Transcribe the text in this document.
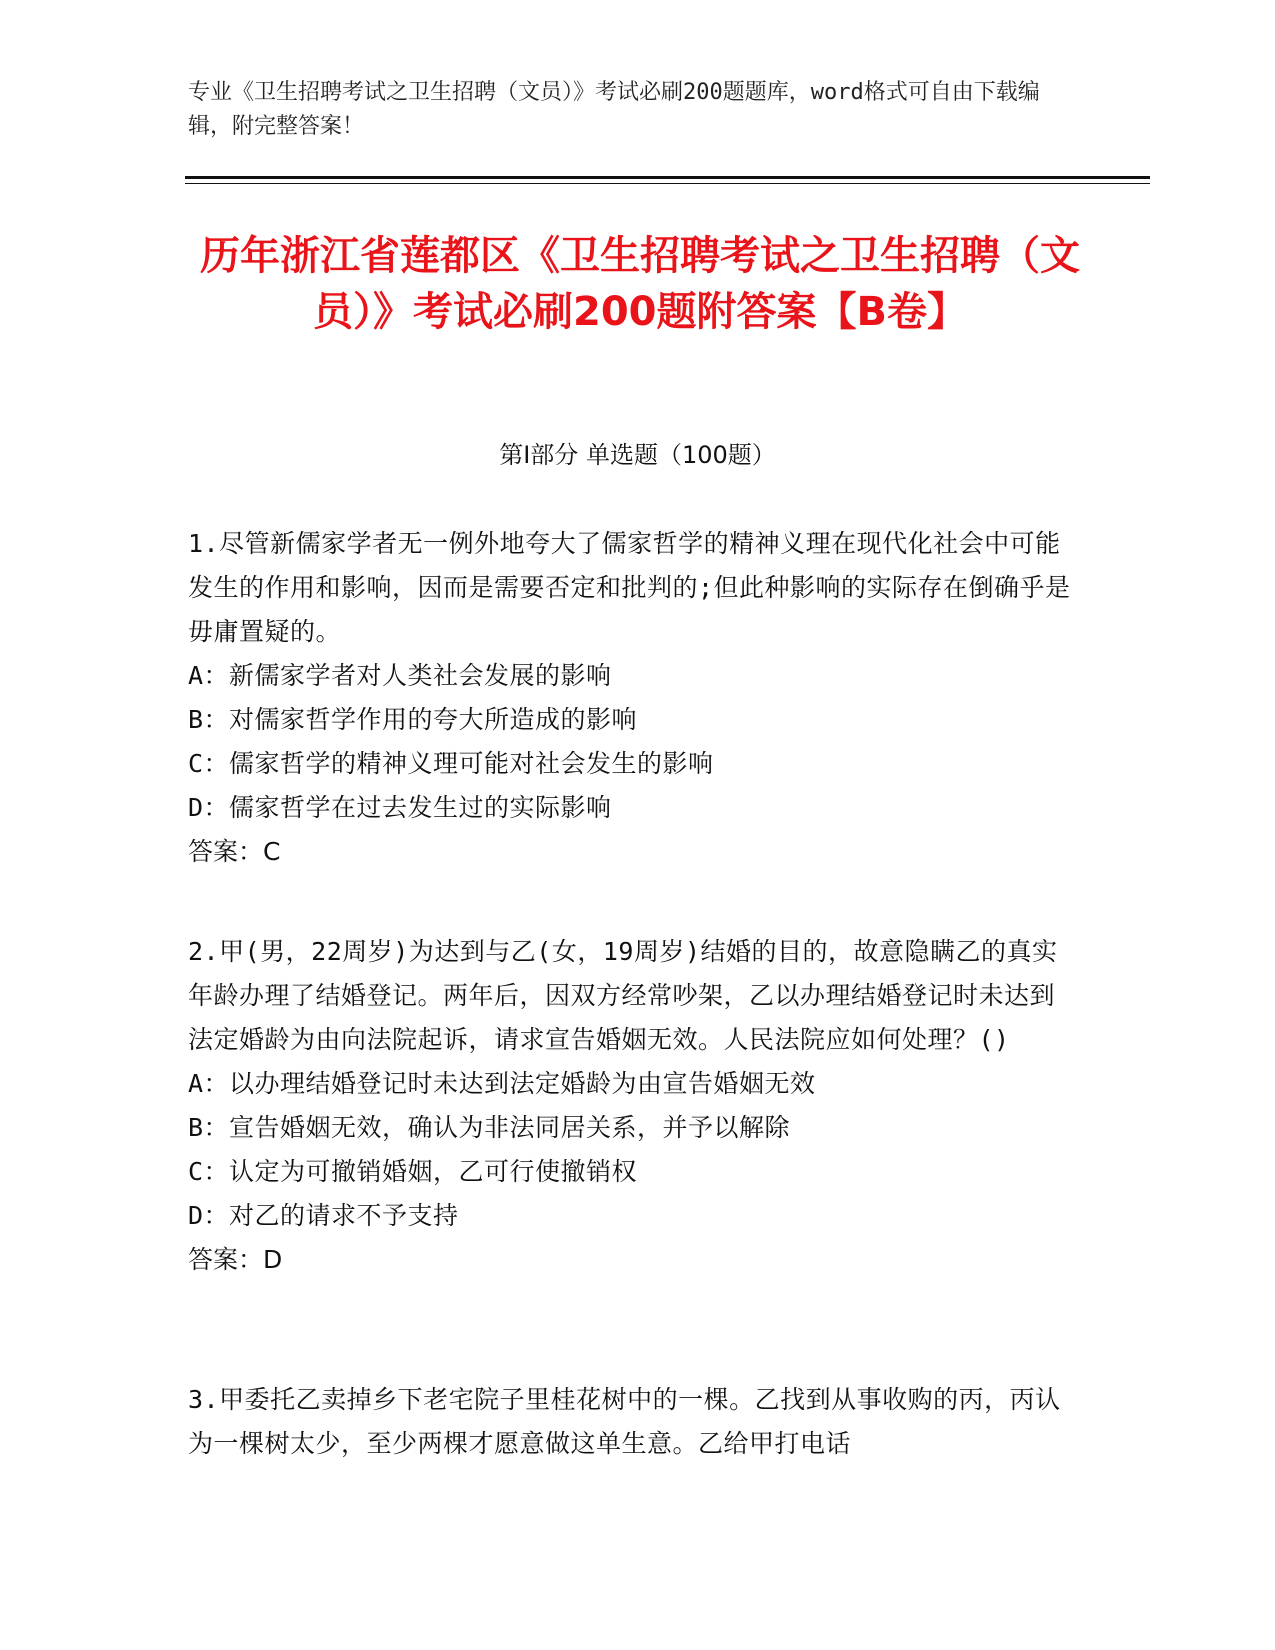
专业《卫生招聘考试之卫生招聘（文员）》考试必刷200题题库，word格式可自由下载编辑，附完整答案！
历年浙江省莲都区《卫生招聘考试之卫生招聘（文员）》考试必刷200题附答案【B卷】
第Ⅰ部分 单选题（100题）

1.尽管新儒家学者无一例外地夸大了儒家哲学的精神义理在现代化社会中可能发生的作用和影响，因而是需要否定和批判的;但此种影响的实际存在倒确乎是毋庸置疑的。

A：新儒家学者对人类社会发展的影响
B：对儒家哲学作用的夸大所造成的影响
C：儒家哲学的精神义理可能对社会发生的影响
D：儒家哲学在过去发生过的实际影响
答案：C

2.甲(男，22周岁)为达到与乙(女，19周岁)结婚的目的，故意隐瞒乙的真实年龄办理了结婚登记。两年后，因双方经常吵架，乙以办理结婚登记时未达到法定婚龄为由向法院起诉，请求宣告婚姻无效。人民法院应如何处理？()

A：以办理结婚登记时未达到法定婚龄为由宣告婚姻无效
B：宣告婚姻无效，确认为非法同居关系，并予以解除
C：认定为可撤销婚姻，乙可行使撤销权
D：对乙的请求不予支持
答案：D

3.甲委托乙卖掉乡下老宅院子里桂花树中的一棵。乙找到从事收购的丙，丙认为一棵树太少，至少两棵才愿意做这单生意。乙给甲打电话
